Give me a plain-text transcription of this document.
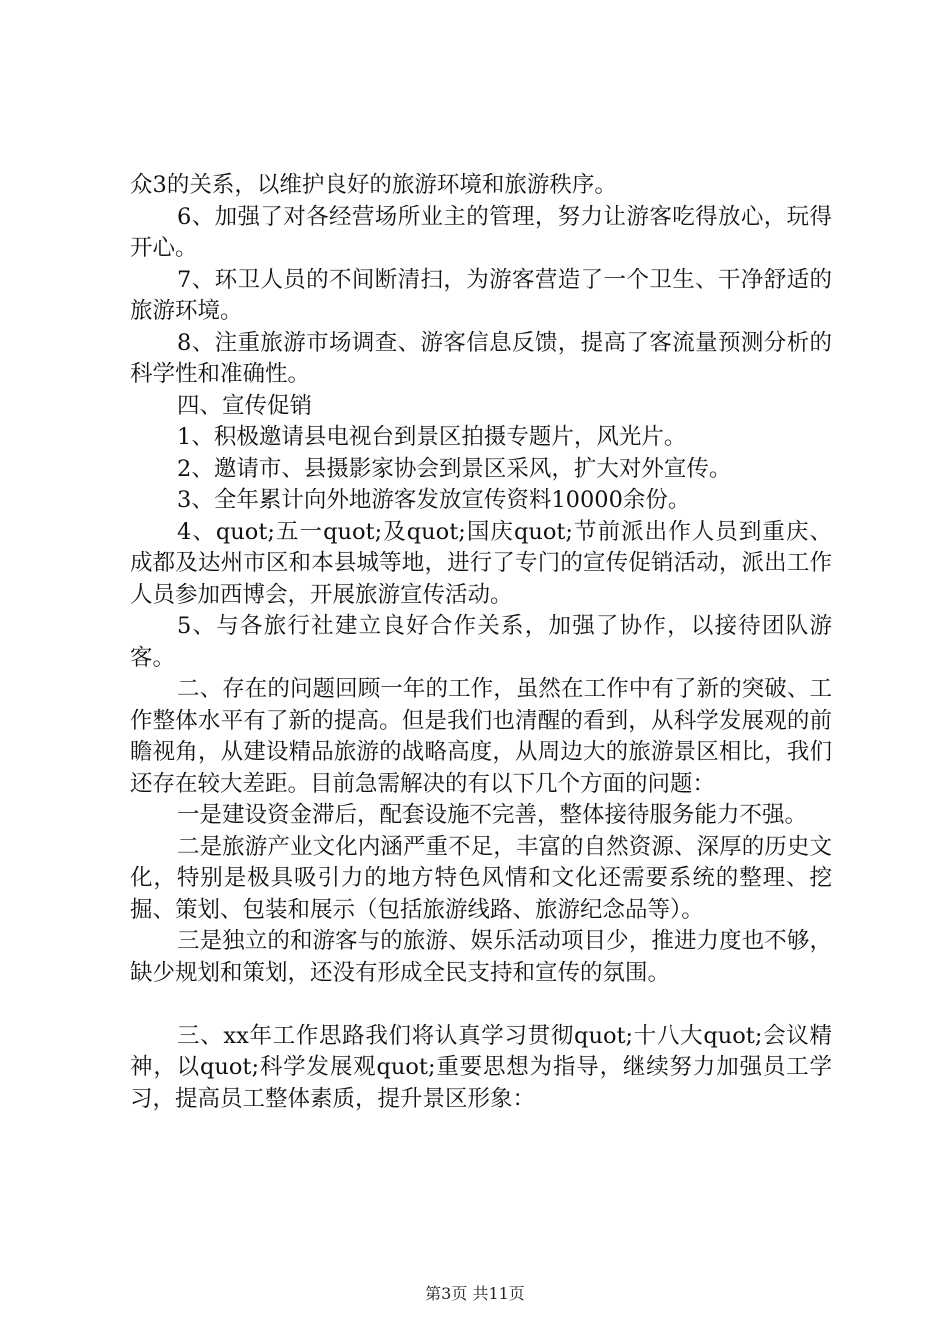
众3的关系，以维护良好的旅游环境和旅游秩序。

6、加强了对各经营场所业主的管理，努力让游客吃得放心，玩得开心。

7、环卫人员的不间断清扫，为游客营造了一个卫生、干净舒适的旅游环境。

8、注重旅游市场调查、游客信息反馈，提高了客流量预测分析的科学性和准确性。

四、宣传促销

1、积极邀请县电视台到景区拍摄专题片，风光片。

2、邀请市、县摄影家协会到景区采风，扩大对外宣传。

3、全年累计向外地游客发放宣传资料10000余份。

4、quot;五一quot;及quot;国庆quot;节前派出作人员到重庆、成都及达州市区和本县城等地，进行了专门的宣传促销活动，派出工作人员参加西博会，开展旅游宣传活动。

5、与各旅行社建立良好合作关系，加强了协作，以接待团队游客。

二、存在的问题回顾一年的工作，虽然在工作中有了新的突破、工作整体水平有了新的提高。但是我们也清醒的看到，从科学发展观的前瞻视角，从建设精品旅游的战略高度，从周边大的旅游景区相比，我们还存在较大差距。目前急需解决的有以下几个方面的问题：

一是建设资金滞后，配套设施不完善，整体接待服务能力不强。

二是旅游产业文化内涵严重不足，丰富的自然资源、深厚的历史文化，特别是极具吸引力的地方特色风情和文化还需要系统的整理、挖掘、策划、包装和展示（包括旅游线路、旅游纪念品等）。

三是独立的和游客与的旅游、娱乐活动项目少，推进力度也不够，缺少规划和策划，还没有形成全民支持和宣传的氛围。

三、xx年工作思路我们将认真学习贯彻quot;十八大quot;会议精神，以quot;科学发展观quot;重要思想为指导，继续努力加强员工学习，提高员工整体素质，提升景区形象：

第3页 共11页
